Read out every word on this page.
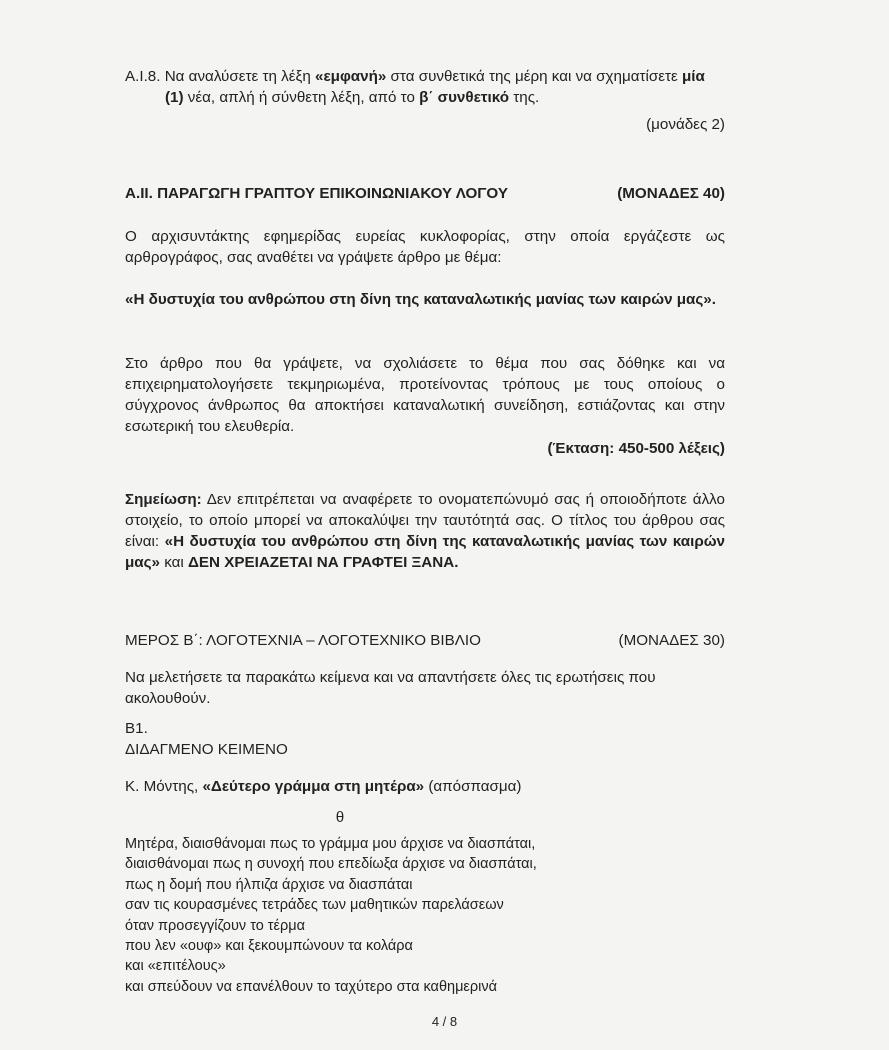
Α.Ι.8. Να αναλύσετε τη λέξη «εμφανή» στα συνθετικά της μέρη και να σχηματίσετε μία
(1) νέα, απλή ή σύνθετη λέξη, από το β΄ συνθετικό της.
(μονάδες 2)
Α.ΙΙ. ΠΑΡΑΓΩΓΗ ΓΡΑΠΤΟΥ ΕΠΙΚΟΙΝΩΝΙΑΚΟΥ ΛΟΓΟΥ	(ΜΟΝΑΔΕΣ 40)
Ο αρχισυντάκτης εφημερίδας ευρείας κυκλοφορίας, στην οποία εργάζεστε ως αρθρογράφος, σας αναθέτει να γράψετε άρθρο με θέμα:
«Η δυστυχία του ανθρώπου στη δίνη της καταναλωτικής μανίας των καιρών μας».
Στο άρθρο που θα γράψετε, να σχολιάσετε το θέμα που σας δόθηκε και να επιχειρηματολογήσετε τεκμηριωμένα, προτείνοντας τρόπους με τους οποίους ο σύγχρονος άνθρωπος θα αποκτήσει καταναλωτική συνείδηση, εστιάζοντας και στην εσωτερική του ελευθερία.
(Έκταση: 450-500 λέξεις)
Σημείωση: Δεν επιτρέπεται να αναφέρετε το ονοματεπώνυμό σας ή οποιοδήποτε άλλο στοιχείο, το οποίο μπορεί να αποκαλύψει την ταυτότητά σας. Ο τίτλος του άρθρου σας είναι: «Η δυστυχία του ανθρώπου στη δίνη της καταναλωτικής μανίας των καιρών μας» και ΔΕΝ ΧΡΕΙΑΖΕΤΑΙ ΝΑ ΓΡΑΦΤΕΙ ΞΑΝΑ.
ΜΕΡΟΣ Β΄: ΛΟΓΟΤΕΧΝΙΑ – ΛΟΓΟΤΕΧΝΙΚΟ ΒΙΒΛΙΟ	(ΜΟΝΑΔΕΣ 30)
Να μελετήσετε τα παρακάτω κείμενα και να απαντήσετε όλες τις ερωτήσεις που ακολουθούν.
Β1.
ΔΙΔΑΓΜΕΝΟ ΚΕΙΜΕΝΟ
Κ. Μόντης, «Δεύτερο γράμμα στη μητέρα» (απόσπασμα)
θ
Μητέρα, διαισθάνομαι πως το γράμμα μου άρχισε να διασπάται,
διαισθάνομαι πως η συνοχή που επεδίωξα άρχισε να διασπάται,
πως η δομή που ήλπιζα άρχισε να διασπάται
σαν τις κουρασμένες τετράδες των μαθητικών παρελάσεων
όταν προσεγγίζουν το τέρμα
που λεν «ουφ» και ξεκουμπώνουν τα κολάρα
και «επιτέλους»
και σπεύδουν να επανέλθουν το ταχύτερο στα καθημερινά
4 / 8
